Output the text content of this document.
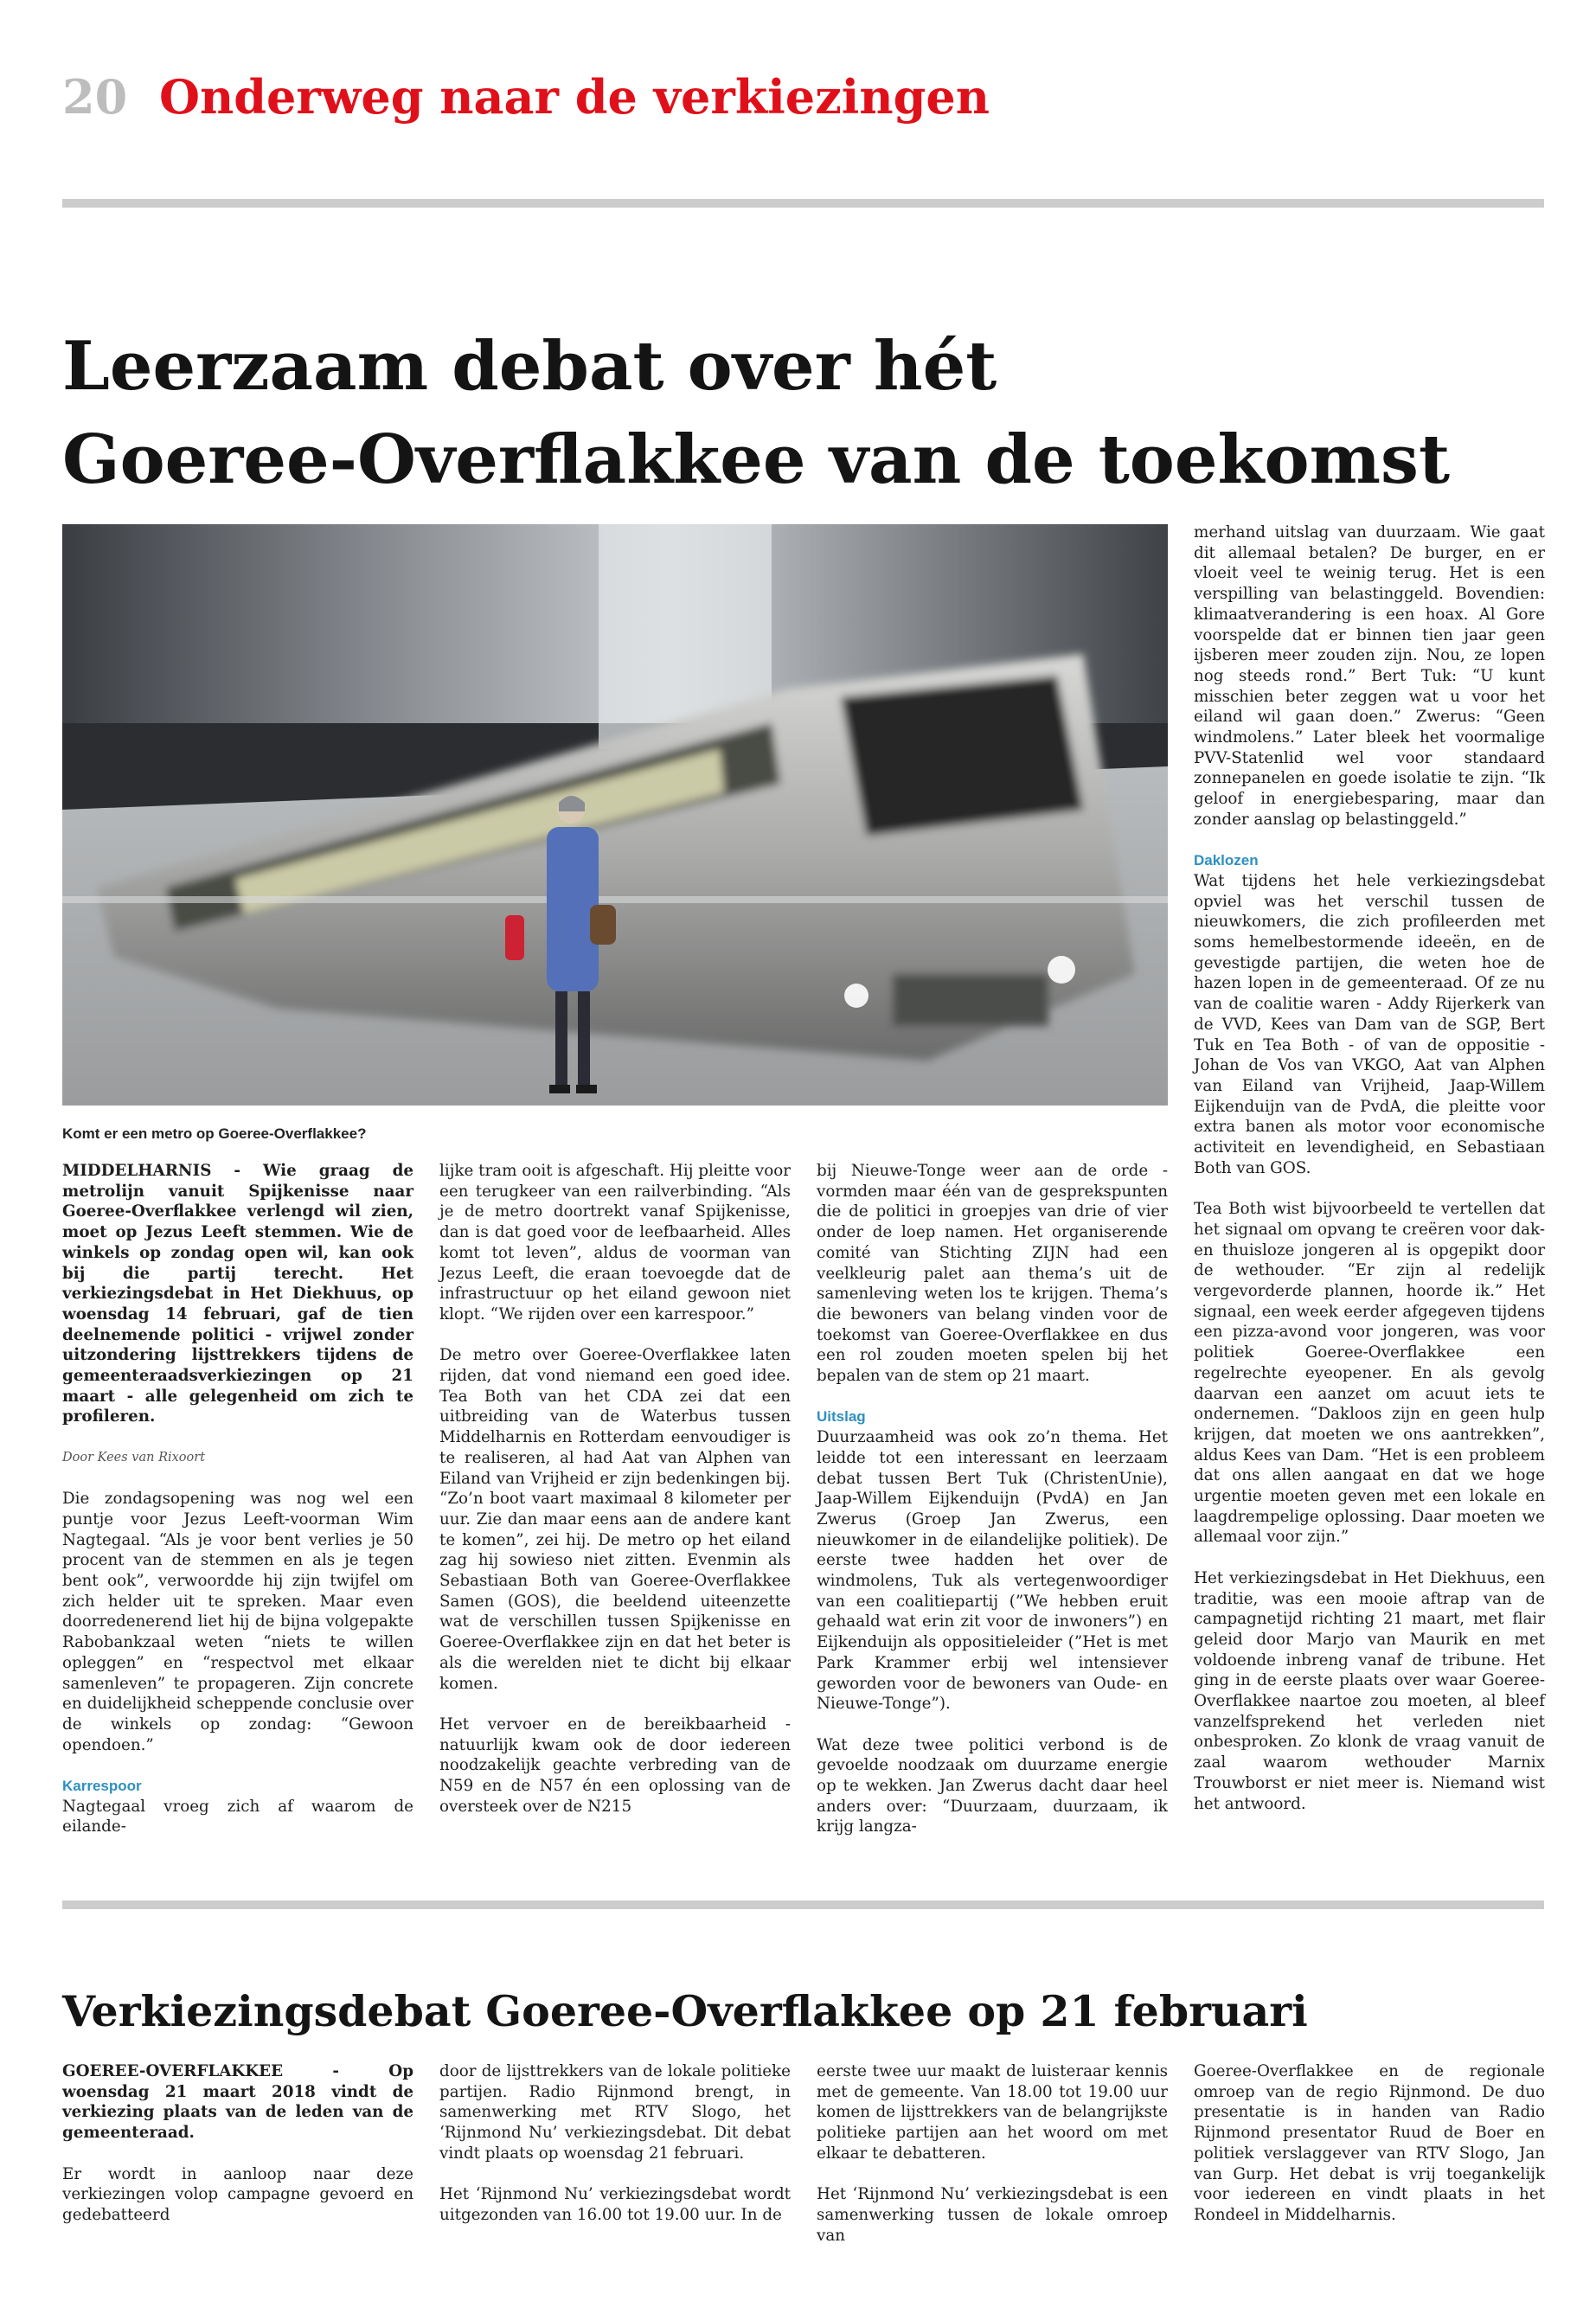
20 Onderweg naar de verkiezingen
Leerzaam debat over hét
Goeree-Overflakkee van de toekomst
Komt er een metro op Goeree-Overflakkee?

MIDDELHARNIS - Wie graag de metrolijn vanuit Spijkenisse naar Goeree-Overflakkee verlengd wil zien, moet op Jezus Leeft stemmen. Wie de winkels op zondag open wil, kan ook bij die partij terecht. Het verkiezingsdebat in Het Diekhuus, op woensdag 14 februari, gaf de tien deelnemende politici - vrijwel zonder uitzondering lijsttrekkers tijdens de gemeenteraadsverkiezingen op 21 maart - alle gelegenheid om zich te profileren.

Door Kees van Rixoort

Die zondagsopening was nog wel een puntje voor Jezus Leeft-voorman Wim Nagtegaal. “Als je voor bent verlies je 50 procent van de stemmen en als je tegen bent ook”, verwoordde hij zijn twijfel om zich helder uit te spreken. Maar even doorredenerend liet hij de bijna volgepakte Rabobankzaal weten “niets te willen opleggen” en “respectvol met elkaar samenleven” te propageren. Zijn concrete en duidelijkheid scheppende conclusie over de winkels op zondag: “Gewoon opendoen.”

Karrespoor
Nagtegaal vroeg zich af waarom de eilande-

lijke tram ooit is afgeschaft. Hij pleitte voor een terugkeer van een railverbinding. “Als je de metro doortrekt vanaf Spijkenisse, dan is dat goed voor de leefbaarheid. Alles komt tot leven”, aldus de voorman van Jezus Leeft, die eraan toevoegde dat de infrastructuur op het eiland gewoon niet klopt. “We rijden over een karrespoor.”

De metro over Goeree-Overflakkee laten rijden, dat vond niemand een goed idee. Tea Both van het CDA zei dat een uitbreiding van de Waterbus tussen Middelharnis en Rotterdam eenvoudiger is te realiseren, al had Aat van Alphen van Eiland van Vrijheid er zijn bedenkingen bij. “Zo’n boot vaart maximaal 8 kilometer per uur. Zie dan maar eens aan de andere kant te komen”, zei hij. De metro op het eiland zag hij sowieso niet zitten. Evenmin als Sebastiaan Both van Goeree-Overflakkee Samen (GOS), die beeldend uiteenzette wat de verschillen tussen Spijkenisse en Goeree-Overflakkee zijn en dat het beter is als die werelden niet te dicht bij elkaar komen.

Het vervoer en de bereikbaarheid - natuurlijk kwam ook de door iedereen noodzakelijk geachte verbreding van de N59 en de N57 én een oplossing van de oversteek over de N215

bij Nieuwe-Tonge weer aan de orde - vormden maar één van de gesprekspunten die de politici in groepjes van drie of vier onder de loep namen. Het organiserende comité van Stichting ZIJN had een veelkleurig palet aan thema’s uit de samenleving weten los te krijgen. Thema’s die bewoners van belang vinden voor de toekomst van Goeree-Overflakkee en dus een rol zouden moeten spelen bij het bepalen van de stem op 21 maart.

Uitslag
Duurzaamheid was ook zo’n thema. Het leidde tot een interessant en leerzaam debat tussen Bert Tuk (ChristenUnie), Jaap-Willem Eijkenduijn (PvdA) en Jan Zwerus (Groep Jan Zwerus, een nieuwkomer in de eilandelijke politiek). De eerste twee hadden het over de windmolens, Tuk als vertegenwoordiger van een coalitiepartij (”We hebben eruit gehaald wat erin zit voor de inwoners”) en Eijkenduijn als oppositieleider (”Het is met Park Krammer erbij wel intensiever geworden voor de bewoners van Oude- en Nieuwe-Tonge”).

Wat deze twee politici verbond is de gevoelde noodzaak om duurzame energie op te wekken. Jan Zwerus dacht daar heel anders over: “Duurzaam, duurzaam, ik krijg langza-

merhand uitslag van duurzaam. Wie gaat dit allemaal betalen? De burger, en er vloeit veel te weinig terug. Het is een verspilling van belastinggeld. Bovendien: klimaatverandering is een hoax. Al Gore voorspelde dat er binnen tien jaar geen ijsberen meer zouden zijn. Nou, ze lopen nog steeds rond.” Bert Tuk: “U kunt misschien beter zeggen wat u voor het eiland wil gaan doen.” Zwerus: “Geen windmolens.” Later bleek het voormalige PVV-Statenlid wel voor standaard zonnepanelen en goede isolatie te zijn. “Ik geloof in energiebesparing, maar dan zonder aanslag op belastinggeld.”

Daklozen
Wat tijdens het hele verkiezingsdebat opviel was het verschil tussen de nieuwkomers, die zich profileerden met soms hemelbestormende ideeën, en de gevestigde partijen, die weten hoe de hazen lopen in de gemeenteraad. Of ze nu van de coalitie waren - Addy Rijerkerk van de VVD, Kees van Dam van de SGP, Bert Tuk en Tea Both - of van de oppositie - Johan de Vos van VKGO, Aat van Alphen van Eiland van Vrijheid, Jaap-Willem Eijkenduijn van de PvdA, die pleitte voor extra banen als motor voor economische activiteit en levendigheid, en Sebastiaan Both van GOS.

Tea Both wist bijvoorbeeld te vertellen dat het signaal om opvang te creëren voor dak- en thuisloze jongeren al is opgepikt door de wethouder. “Er zijn al redelijk vergevorderde plannen, hoorde ik.” Het signaal, een week eerder afgegeven tijdens een pizza-avond voor jongeren, was voor politiek Goeree-Overflakkee een regelrechte eyeopener. En als gevolg daarvan een aanzet om acuut iets te ondernemen. “Dakloos zijn en geen hulp krijgen, dat moeten we ons aantrekken”, aldus Kees van Dam. “Het is een probleem dat ons allen aangaat en dat we hoge urgentie moeten geven met een lokale en laagdrempelige oplossing. Daar moeten we allemaal voor zijn.”

Het verkiezingsdebat in Het Diekhuus, een traditie, was een mooie aftrap van de campagnetijd richting 21 maart, met flair geleid door Marjo van Maurik en met voldoende inbreng vanaf de tribune. Het ging in de eerste plaats over waar Goeree-Overflakkee naartoe zou moeten, al bleef vanzelfsprekend het verleden niet onbesproken. Zo klonk de vraag vanuit de zaal waarom wethouder Marnix Trouwborst er niet meer is. Niemand wist het antwoord.

Verkiezingsdebat Goeree-Overflakkee op 21 februari

GOEREE-OVERFLAKKEE - Op woensdag 21 maart 2018 vindt de verkiezing plaats van de leden van de gemeenteraad.

Er wordt in aanloop naar deze verkiezingen volop campagne gevoerd en gedebatteerd

door de lijsttrekkers van de lokale politieke partijen. Radio Rijnmond brengt, in samenwerking met RTV Slogo, het ‘Rijnmond Nu’ verkiezingsdebat. Dit debat vindt plaats op woensdag 21 februari.

Het ‘Rijnmond Nu’ verkiezingsdebat wordt uitgezonden van 16.00 tot 19.00 uur. In de

eerste twee uur maakt de luisteraar kennis met de gemeente. Van 18.00 tot 19.00 uur komen de lijsttrekkers van de belangrijkste politieke partijen aan het woord om met elkaar te debatteren.

Het ‘Rijnmond Nu’ verkiezingsdebat is een samenwerking tussen de lokale omroep van

Goeree-Overflakkee en de regionale omroep van de regio Rijnmond. De duo presentatie is in handen van Radio Rijnmond presentator Ruud de Boer en politiek verslaggever van RTV Slogo, Jan van Gurp. Het debat is vrij toegankelijk voor iedereen en vindt plaats in het Rondeel in Middelharnis.
